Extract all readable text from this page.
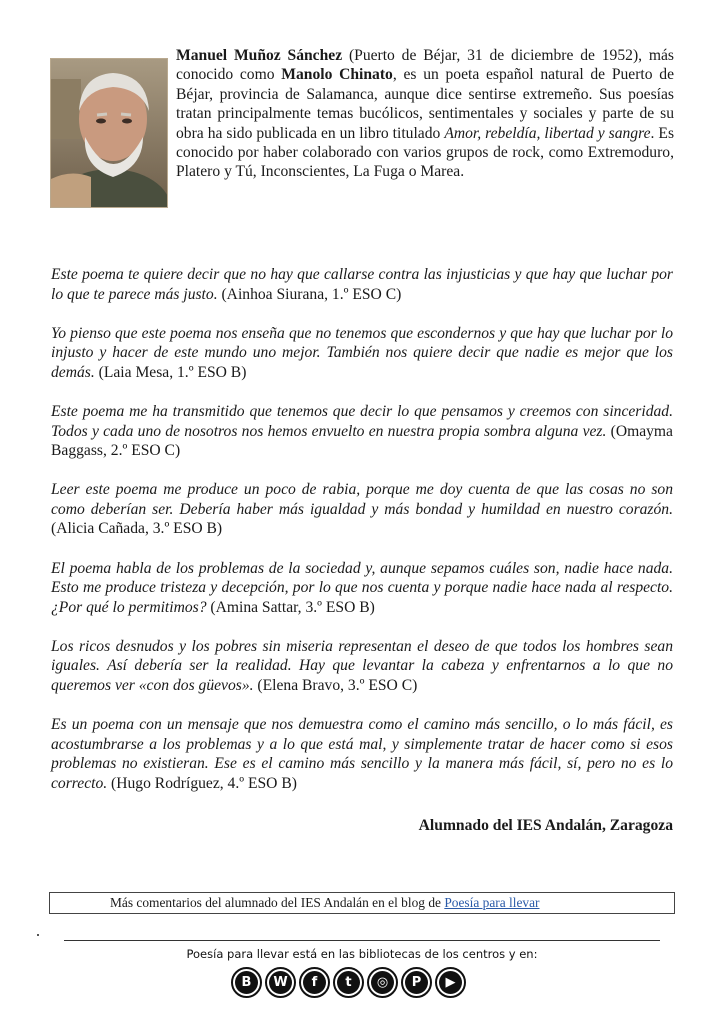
Manuel Muñoz Sánchez (Puerto de Béjar, 31 de diciembre de 1952), más conocido como Manolo Chinato, es un poeta español natural de Puerto de Béjar, provincia de Salamanca, aunque dice sentirse extremeño. Sus poesías tratan principalmente temas bucólicos, sentimentales y sociales y parte de su obra ha sido publicada en un libro titulado Amor, rebeldía, libertad y sangre. Es conocido por haber colaborado con varios grupos de rock, como Extremoduro, Platero y Tú, Inconscientes, La Fuga o Marea.

Este poema te quiere decir que no hay que callarse contra las injusticias y que hay que luchar por lo que te parece más justo. (Ainhoa Siurana, 1.º ESO C)

Yo pienso que este poema nos enseña que no tenemos que escondernos y que hay que luchar por lo injusto y hacer de este mundo uno mejor. También nos quiere decir que nadie es mejor que los demás. (Laia Mesa, 1.º ESO B)

Este poema me ha transmitido que tenemos que decir lo que pensamos y creemos con sinceridad. Todos y cada uno de nosotros nos hemos envuelto en nuestra propia sombra alguna vez. (Omayma Baggass, 2.º ESO C)

Leer este poema me produce un poco de rabia, porque me doy cuenta de que las cosas no son como deberían ser. Debería haber más igualdad y más bondad y humildad en nuestro corazón. (Alicia Cañada, 3.º ESO B)

El poema habla de los problemas de la sociedad y, aunque sepamos cuáles son, nadie hace nada. Esto me produce tristeza y decepción, por lo que nos cuenta y porque nadie hace nada al respecto. ¿Por qué lo permitimos? (Amina Sattar, 3.º ESO B)

Los ricos desnudos y los pobres sin miseria representan el deseo de que todos los hombres sean iguales. Así debería ser la realidad. Hay que levantar la cabeza y enfrentarnos a lo que no queremos ver «con dos güevos». (Elena Bravo, 3.º ESO C)

Es un poema con un mensaje que nos demuestra como el camino más sencillo, o lo más fácil, es acostumbrarse a los problemas y a lo que está mal, y simplemente tratar de hacer como si esos problemas no existieran. Ese es el camino más sencillo y la manera más fácil, sí, pero no es lo correcto. (Hugo Rodríguez, 4.º ESO B)

Alumnado del IES Andalán, Zaragoza
Más comentarios del alumnado del IES Andalán en el blog de Poesía para llevar
Poesía para llevar está en las bibliotecas de los centros y en:
B	W	f	t	◎	P	▶
